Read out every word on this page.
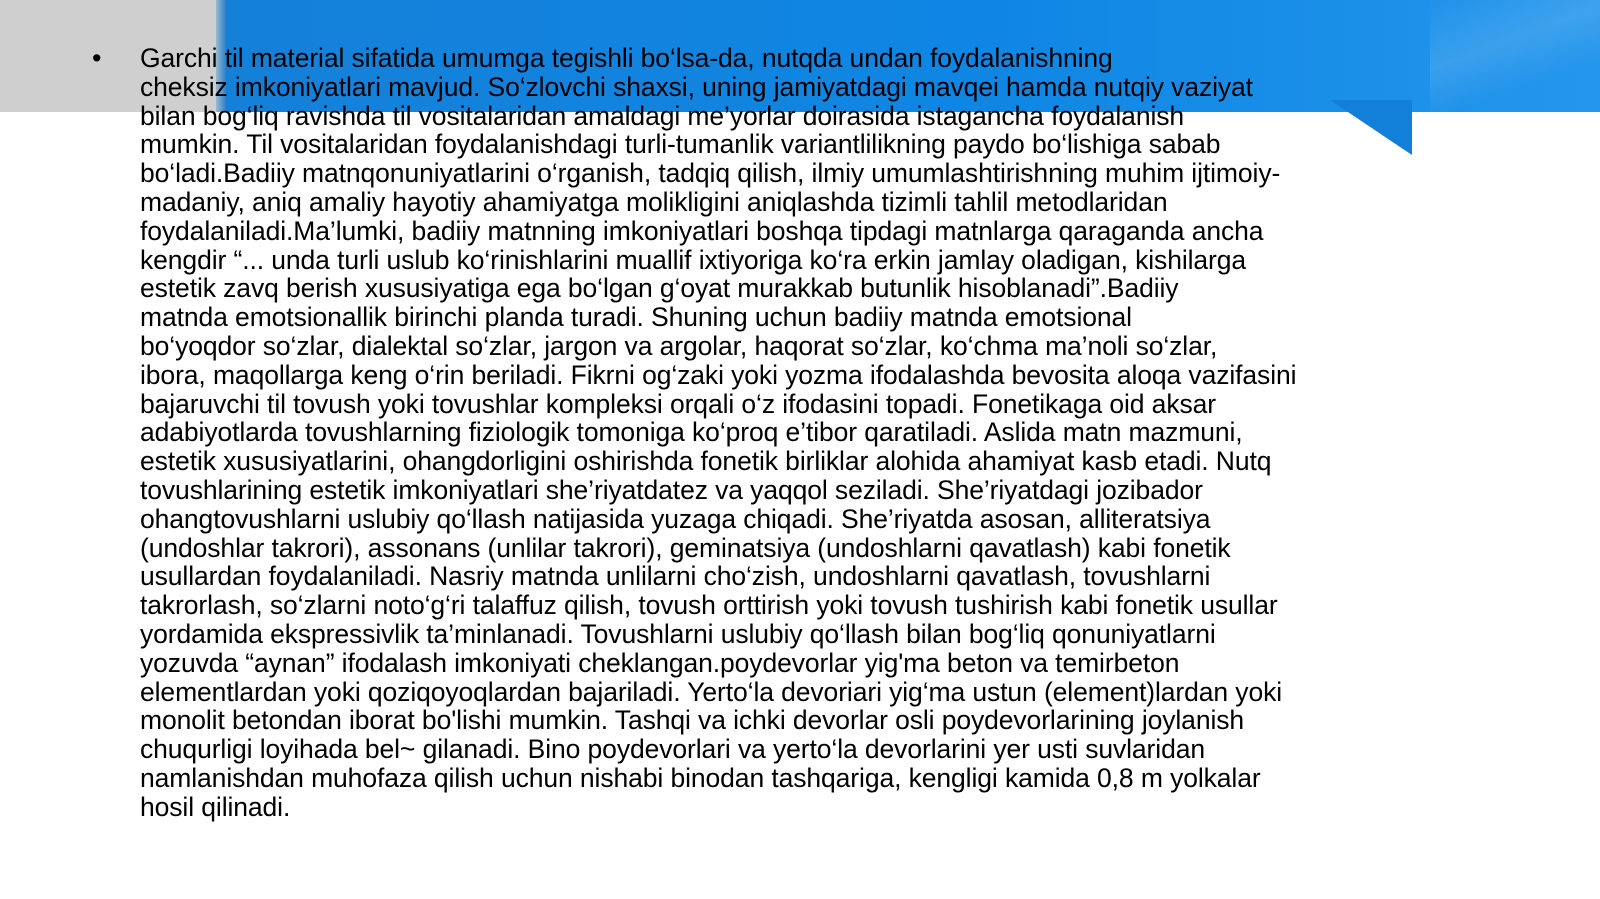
• Garchi til material sifatida umumga tegishli bo‘lsa-da, nutqda undan foydalanishning
cheksiz imkoniyatlari mavjud. So‘zlovchi shaxsi, uning jamiyatdagi mavqei hamda nutqiy vaziyat
bilan bog‘liq ravishda til vositalaridan amaldagi me’yorlar doirasida istagancha foydalanish
mumkin. Til vositalaridan foydalanishdagi turli-tumanlik variantlilikning paydo bo‘lishiga sabab
bo‘ladi.Badiiy matnqonuniyatlarini o‘rganish, tadqiq qilish, ilmiy umumlashtirishning muhim ijtimoiy-
madaniy, aniq amaliy hayotiy ahamiyatga molikligini aniqlashda tizimli tahlil metodlaridan
foydalaniladi.Ma’lumki, badiiy matnning imkoniyatlari boshqa tipdagi matnlarga qaraganda ancha
kengdir “... unda turli uslub ko‘rinishlarini muallif ixtiyoriga ko‘ra erkin jamlay oladigan, kishilarga
estetik zavq berish xususiyatiga ega bo‘lgan g‘oyat murakkab butunlik hisoblanadi”.Badiiy
matnda emotsionallik birinchi planda turadi. Shuning uchun badiiy matnda emotsional
bo‘yoqdor so‘zlar, dialektal so‘zlar, jargon va argolar, haqorat so‘zlar, ko‘chma ma’noli so‘zlar,
ibora, maqollarga keng o‘rin beriladi. Fikrni og‘zaki yoki yozma ifodalashda bevosita aloqa vazifasini
bajaruvchi til tovush yoki tovushlar kompleksi orqali o‘z ifodasini topadi. Fonetikaga oid aksar
adabiyotlarda tovushlarning fiziologik tomoniga ko‘proq e’tibor qaratiladi. Aslida matn mazmuni,
estetik xususiyatlarini, ohangdorligini oshirishda fonetik birliklar alohida ahamiyat kasb etadi. Nutq
tovushlarining estetik imkoniyatlari she’riyatdatez va yaqqol seziladi. She’riyatdagi jozibador
ohangtovushlarni uslubiy qo‘llash natijasida yuzaga chiqadi. She’riyatda asosan, alliteratsiya
(undoshlar takrori), assonans (unlilar takrori), geminatsiya (undoshlarni qavatlash) kabi fonetik
usullardan foydalaniladi. Nasriy matnda unlilarni cho‘zish, undoshlarni qavatlash, tovushlarni
takrorlash, so‘zlarni noto‘g‘ri talaffuz qilish, tovush orttirish yoki tovush tushirish kabi fonetik usullar
yordamida ekspressivlik ta’minlanadi. Tovushlarni uslubiy qo‘llash bilan bog‘liq qonuniyatlarni
yozuvda “aynan” ifodalash imkoniyati cheklangan.poydevorlar yig'ma beton va temirbeton
elementlardan yoki qoziqoyoqlardan bajariladi. Yerto‘la devoriari yig‘ma ustun (element)lardan yoki
monolit betondan iborat bo'lishi mumkin. Tashqi va ichki devorlar osli poydevorlarining joylanish
chuqurligi loyihada bel~ gilanadi. Bino poydevorlari va yerto‘la devorlarini yer usti suvlaridan
namlanishdan muhofaza qilish uchun nishabi binodan tashqariga, kengligi kamida 0,8 m yolkalar
hosil qilinadi.
